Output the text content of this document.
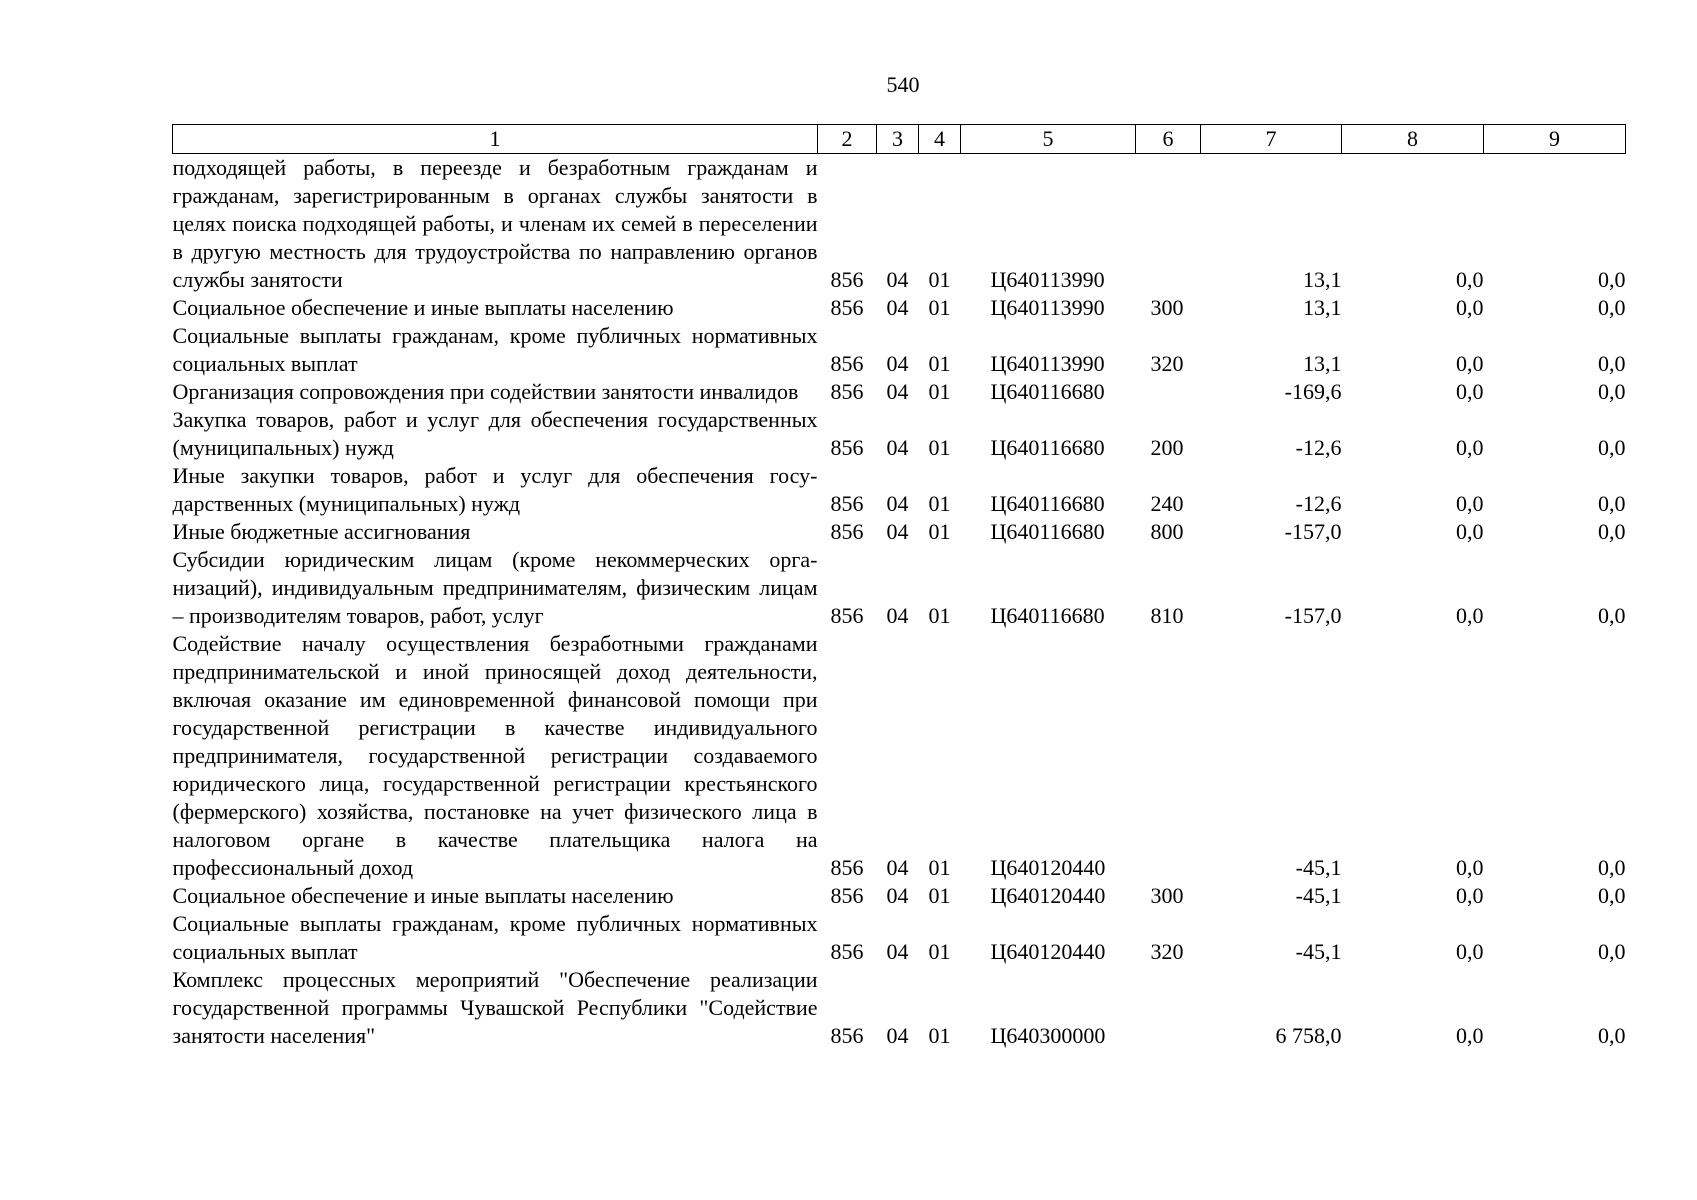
540
1	2	3	4	5	6	7	8	9
подходящей работы, в переезде и безработным гражданам и гражданам, зарегистрированным в органах службы занятости в целях поиска подходящей работы, и членам их семей в переселении в другую местность для трудоустройства по направлению органов службы занятости	856	04	01	Ц640113990		13,1	0,0	0,0
Социальное обеспечение и иные выплаты населению	856	04	01	Ц640113990	300	13,1	0,0	0,0
Социальные выплаты гражданам, кроме публичных нормативных социальных выплат	856	04	01	Ц640113990	320	13,1	0,0	0,0
Организация сопровождения при содействии занятости инвалидов	856	04	01	Ц640116680		-169,6	0,0	0,0
Закупка товаров, работ и услуг для обеспечения государственных (муниципальных) нужд	856	04	01	Ц640116680	200	-12,6	0,0	0,0
Иные закупки товаров, работ и услуг для обеспечения государственных (муниципальных) нужд	856	04	01	Ц640116680	240	-12,6	0,0	0,0
Иные бюджетные ассигнования	856	04	01	Ц640116680	800	-157,0	0,0	0,0
Субсидии юридическим лицам (кроме некоммерческих организаций), индивидуальным предпринимателям, физическим лицам – производителям товаров, работ, услуг	856	04	01	Ц640116680	810	-157,0	0,0	0,0
Содействие началу осуществления безработными гражданами предпринимательской и иной приносящей доход деятельности, включая оказание им единовременной финансовой помощи при государственной регистрации в качестве индивидуального предпринимателя, государственной регистрации создаваемого юридического лица, государственной регистрации крестьянского (фермерского) хозяйства, постановке на учет физического лица в налоговом органе в качестве плательщика налога на профессиональный доход	856	04	01	Ц640120440		-45,1	0,0	0,0
Социальное обеспечение и иные выплаты населению	856	04	01	Ц640120440	300	-45,1	0,0	0,0
Социальные выплаты гражданам, кроме публичных нормативных социальных выплат	856	04	01	Ц640120440	320	-45,1	0,0	0,0
Комплекс процессных мероприятий "Обеспечение реализации государственной программы Чувашской Республики "Содействие занятости населения"	856	04	01	Ц640300000		6 758,0	0,0	0,0
